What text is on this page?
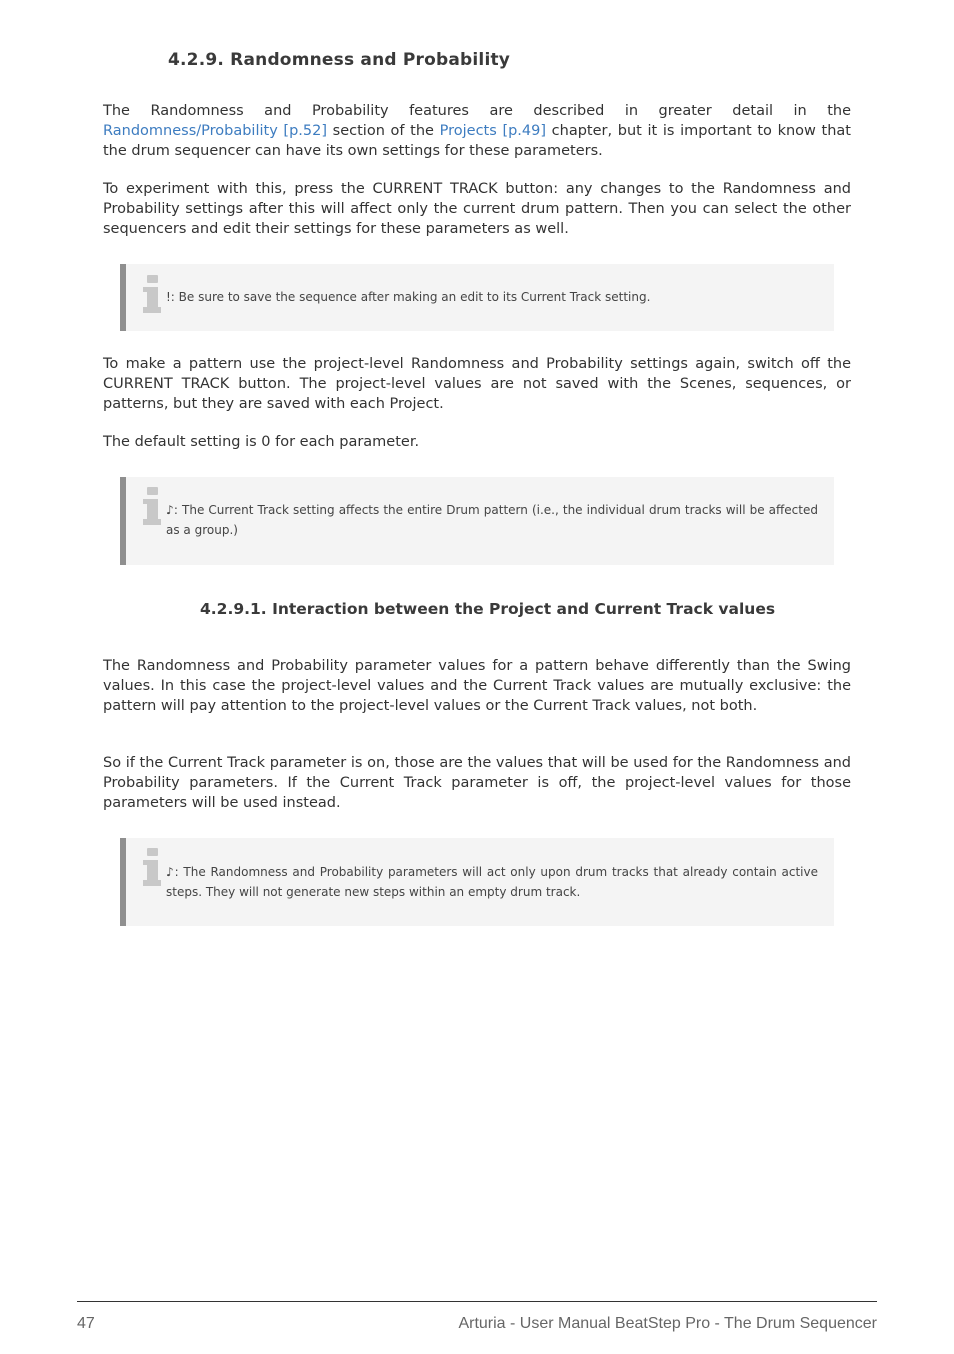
4.2.9. Randomness and Probability

The Randomness and Probability features are described in greater detail in the Randomness/Probability [p.52] section of the Projects [p.49] chapter, but it is important to know that the drum sequencer can have its own settings for these parameters.

To experiment with this, press the CURRENT TRACK button: any changes to the Randomness and Probability settings after this will affect only the current drum pattern. Then you can select the other sequencers and edit their settings for these parameters as well.

!: Be sure to save the sequence after making an edit to its Current Track setting.

To make a pattern use the project-level Randomness and Probability settings again, switch off the CURRENT TRACK button. The project-level values are not saved with the Scenes, sequences, or patterns, but they are saved with each Project.

The default setting is 0 for each parameter.

♪: The Current Track setting affects the entire Drum pattern (i.e., the individual drum tracks will be affected as a group.)
4.2.9.1. Interaction between the Project and Current Track values

The Randomness and Probability parameter values for a pattern behave differently than the Swing values. In this case the project-level values and the Current Track values are mutually exclusive: the pattern will pay attention to the project-level values or the Current Track values, not both.

So if the Current Track parameter is on, those are the values that will be used for the Randomness and Probability parameters. If the Current Track parameter is off, the project-level values for those parameters will be used instead.

♪: The Randomness and Probability parameters will act only upon drum tracks that already contain active steps. They will not generate new steps within an empty drum track.
47	Arturia - User Manual BeatStep Pro - The Drum Sequencer
